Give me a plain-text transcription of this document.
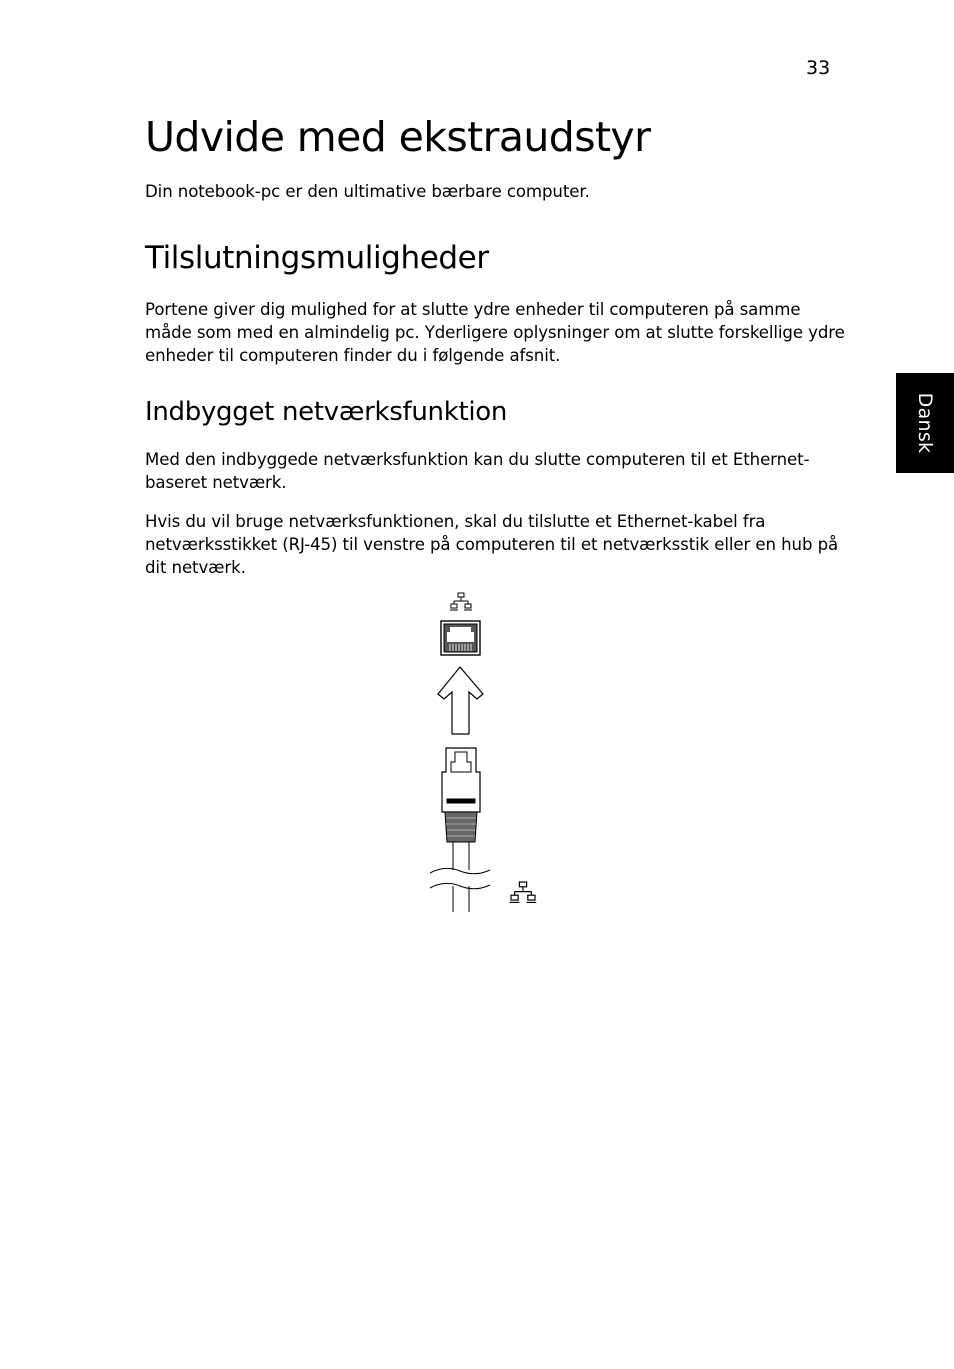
33
Udvide med ekstraudstyr

Din notebook-pc er den ultimative bærbare computer.

Tilslutningsmuligheder

Portene giver dig mulighed for at slutte ydre enheder til computeren på samme måde som med en almindelig pc. Yderligere oplysninger om at slutte forskellige ydre enheder til computeren finder du i følgende afsnit.

Indbygget netværksfunktion

Med den indbyggede netværksfunktion kan du slutte computeren til et Ethernet-baseret netværk.

Hvis du vil bruge netværksfunktionen, skal du tilslutte et Ethernet-kabel fra netværksstikket (RJ-45) til venstre på computeren til et netværksstik eller en hub på dit netværk.

Dansk
